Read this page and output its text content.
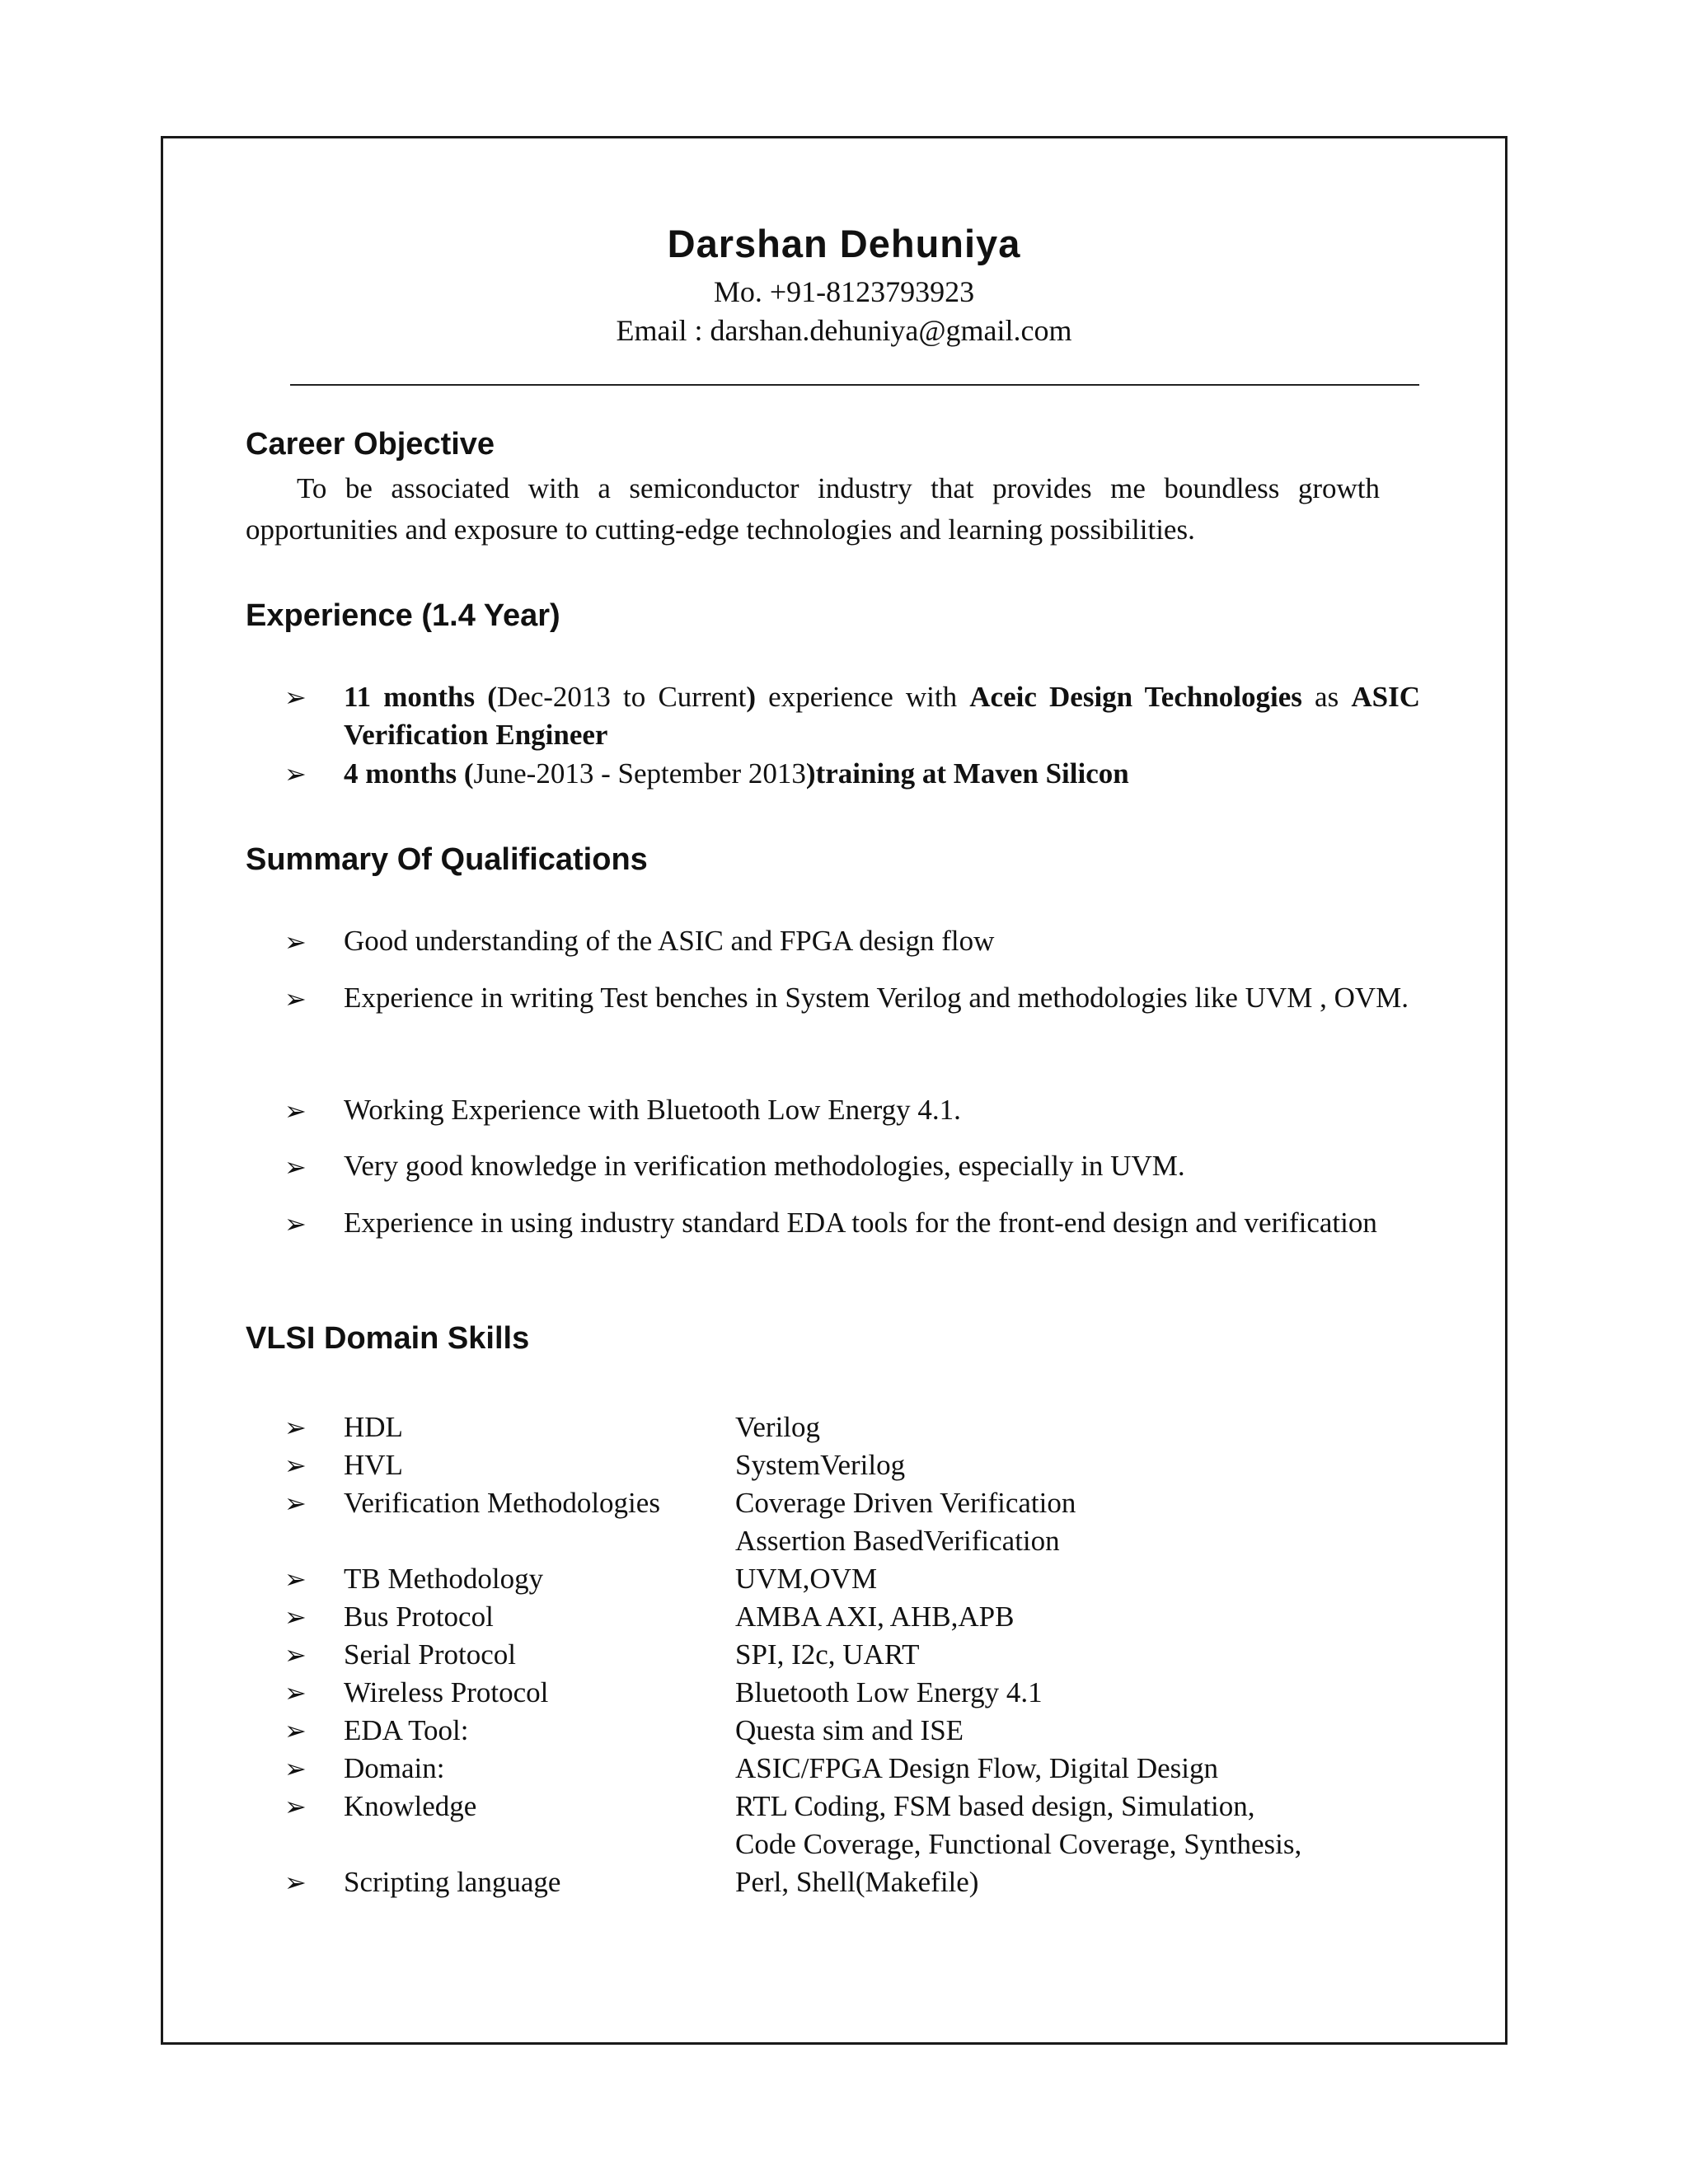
Darshan Dehuniya
Mo. +91-8123793923
Email : darshan.dehuniya@gmail.com
Career Objective
To be associated with a semiconductor industry that provides me boundless growth opportunities and exposure to cutting-edge technologies and learning possibilities.
Experience (1.4 Year)
➢ 11 months (Dec-2013 to Current) experience with Aceic Design Technologies as ASIC Verification Engineer
➢ 4 months (June-2013 - September 2013)training at Maven Silicon
Summary Of Qualifications
➢ Good understanding of the ASIC and FPGA design flow
➢ Experience in writing Test benches in System Verilog and methodologies like UVM , OVM.
➢ Working Experience with Bluetooth Low Energy 4.1.
➢ Very good knowledge in verification methodologies, especially in UVM.
➢ Experience in using industry standard EDA tools for the front-end design and verification
VLSI Domain Skills
➢ HDL	Verilog
➢ HVL	SystemVerilog
➢ Verification Methodologies	Coverage Driven Verification
Assertion BasedVerification
➢ TB Methodology	UVM,OVM
➢ Bus Protocol	AMBA AXI, AHB,APB
➢ Serial Protocol	SPI, I2c, UART
➢ Wireless Protocol	Bluetooth Low Energy 4.1
➢ EDA Tool:	Questa sim and ISE
➢ Domain:	ASIC/FPGA Design Flow, Digital Design
➢ Knowledge	RTL Coding, FSM based design, Simulation,
Code Coverage, Functional Coverage, Synthesis,
➢ Scripting language	Perl, Shell(Makefile)
